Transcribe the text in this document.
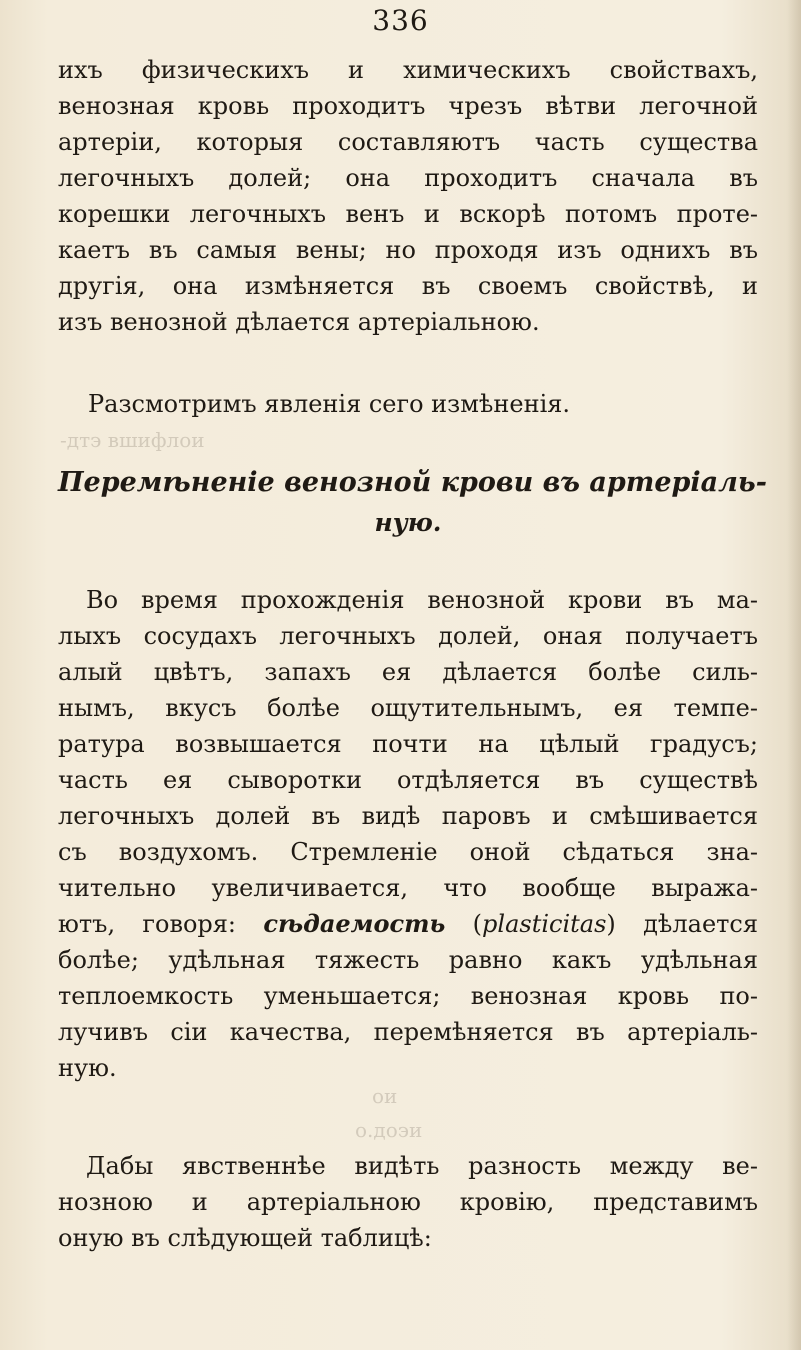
336
ихъ физическихъ и химическихъ свойствахъ,
венозная кровь проходитъ чрезъ вѣтви легочной
артеріи, которыя составляютъ часть существа
легочныхъ долей; она проходитъ сначала въ
корешки легочныхъ венъ и вскорѣ потомъ проте-
каетъ въ самыя вены; но проходя изъ однихъ въ
другія, она измѣняется въ своемъ свойствѣ, и
изъ венозной дѣлается артеріальною.
Разсмотримъ явленія сего измѣненія.
-дтэ вшифлои
Перемѣненіе венозной крови въ артеріаль-
ную.
Во время прохожденія венозной крови въ ма-
лыхъ сосудахъ легочныхъ долей, оная получаетъ
алый цвѣтъ, запахъ ея дѣлается болѣе силь-
нымъ, вкусъ болѣе ощутительнымъ, ея темпе-
ратура возвышается почти на цѣлый градусъ;
часть ея сыворотки отдѣляется въ существѣ
легочныхъ долей въ видѣ паровъ и смѣшивается
съ воздухомъ. Стремленіе оной сѣдаться зна-
чительно увеличивается, что вообще выража-
ютъ, говоря: сѣдаемость (plasticitas) дѣлается
болѣе; удѣльная тяжесть равно какъ удѣльная
теплоемкость уменьшается; венозная кровь по-
лучивъ сіи качества, перемѣняется въ артеріаль-
ную.
ои
о.доэи
Дабы явственнѣе видѣть разность между ве-
нозною и артеріальною кровію, представимъ
оную въ слѣдующей таблицѣ:
